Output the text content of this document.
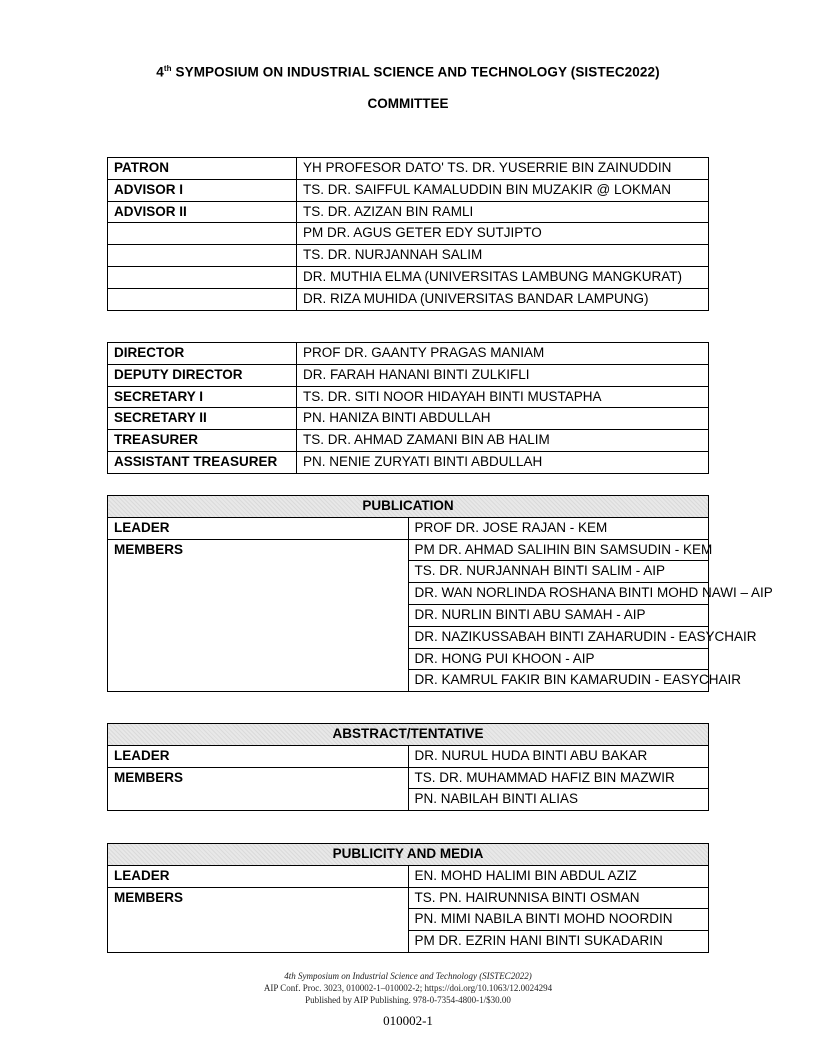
4th SYMPOSIUM ON INDUSTRIAL SCIENCE AND TECHNOLOGY (SISTEC2022)
COMMITTEE
PATRON	YH PROFESOR DATO' TS. DR. YUSERRIE BIN ZAINUDDIN
ADVISOR I	TS. DR. SAIFFUL KAMALUDDIN BIN MUZAKIR @ LOKMAN
ADVISOR II	TS. DR. AZIZAN BIN RAMLI
	PM DR. AGUS GETER EDY SUTJIPTO
	TS. DR. NURJANNAH SALIM
	DR. MUTHIA ELMA (UNIVERSITAS LAMBUNG MANGKURAT)
	DR. RIZA MUHIDA (UNIVERSITAS BANDAR LAMPUNG)
DIRECTOR	PROF DR. GAANTY PRAGAS MANIAM
DEPUTY DIRECTOR	DR. FARAH HANANI BINTI ZULKIFLI
SECRETARY I	TS. DR. SITI NOOR HIDAYAH BINTI MUSTAPHA
SECRETARY II	PN. HANIZA BINTI ABDULLAH
TREASURER	TS. DR. AHMAD ZAMANI BIN AB HALIM
ASSISTANT TREASURER	PN. NENIE ZURYATI BINTI ABDULLAH
PUBLICATION	
LEADER	PROF DR. JOSE RAJAN - KEM
MEMBERS	PM DR. AHMAD SALIHIN BIN SAMSUDIN - KEM
	TS. DR. NURJANNAH BINTI SALIM - AIP
	DR. WAN NORLINDA ROSHANA BINTI MOHD NAWI – AIP
	DR. NURLIN BINTI ABU SAMAH - AIP
	DR. NAZIKUSSABAH BINTI ZAHARUDIN - EASYCHAIR
	DR. HONG PUI KHOON - AIP
	DR. KAMRUL FAKIR BIN KAMARUDIN - EASYCHAIR
ABSTRACT/TENTATIVE	
LEADER	DR. NURUL HUDA BINTI ABU BAKAR
MEMBERS	TS. DR. MUHAMMAD HAFIZ BIN MAZWIR
	PN. NABILAH BINTI ALIAS
PUBLICITY AND MEDIA	
LEADER	EN. MOHD HALIMI BIN ABDUL AZIZ
MEMBERS	TS. PN. HAIRUNNISA BINTI OSMAN
	PN. MIMI NABILA BINTI MOHD NOORDIN
	PM DR. EZRIN HANI BINTI SUKADARIN
4th Symposium on Industrial Science and Technology (SISTEC2022)
AIP Conf. Proc. 3023, 010002-1–010002-2; https://doi.org/10.1063/12.0024294
Published by AIP Publishing. 978-0-7354-4800-1/$30.00
010002-1
